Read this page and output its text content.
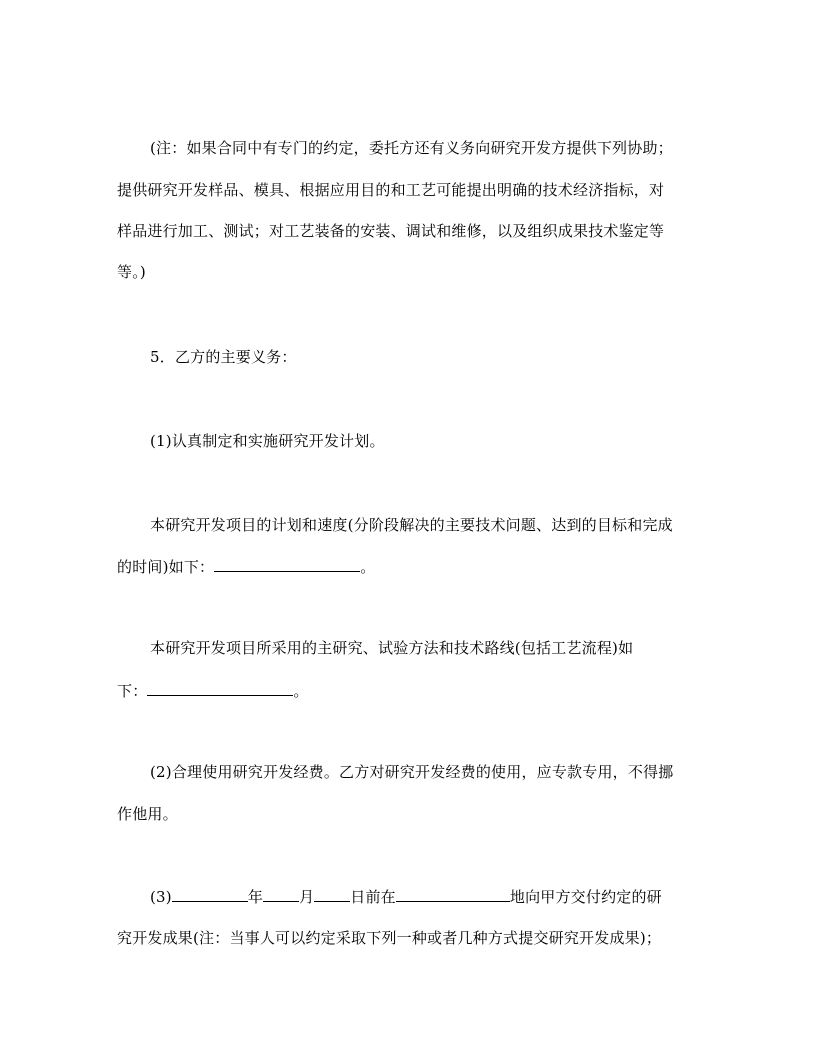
(注：如果合同中有专门的约定，委托方还有义务向研究开发方提供下列协助；
提供研究开发样品、模具、根据应用目的和工艺可能提出明确的技术经济指标，对
样品进行加工、测试；对工艺装备的安装、调试和维修，以及组织成果技术鉴定等
等。)
5．乙方的主要义务：
(1)认真制定和实施研究开发计划。
本研究开发项目的计划和速度(分阶段解决的主要技术问题、达到的目标和完成
的时间)如下：	。
本研究开发项目所采用的主研究、试验方法和技术路线(包括工艺流程)如
下：	。
(2)合理使用研究开发经费。乙方对研究开发经费的使用，应专款专用，不得挪
作他用。
(3)	年 月 日前在	地向甲方交付约定的研
究开发成果(注：当事人可以约定采取下列一种或者几种方式提交研究开发成果)；
